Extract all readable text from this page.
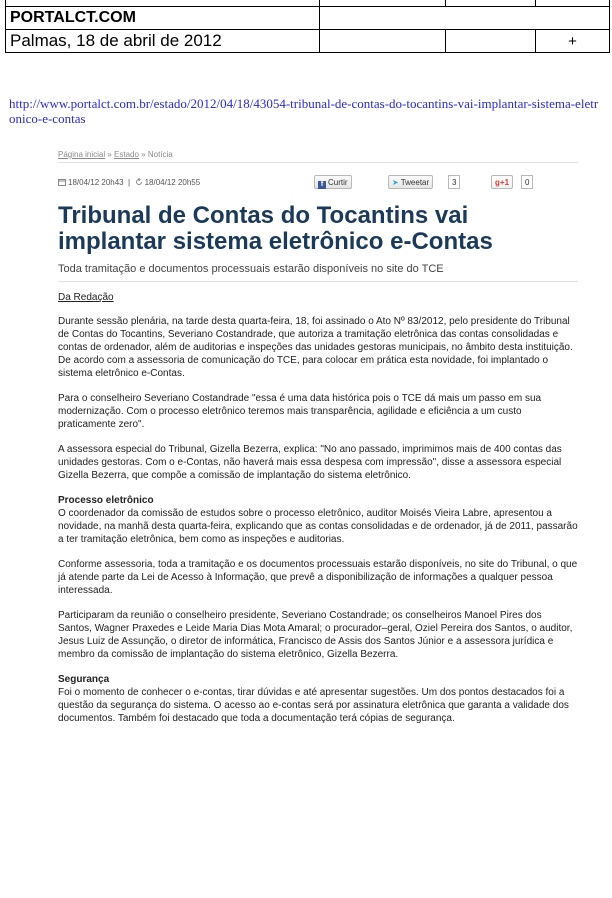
PORTALCT.COM			
Palmas, 18 de abril de 2012			+
http://www.portalct.com.br/estado/2012/04/18/43054-tribunal-de-contas-do-tocantins-vai-implantar-sistema-eletronico-e-contas
Página inicial » Estado » Notícia
18/04/12 20h43  |  18/04/12 20h55	f Curtir	➤ Tweetar	3	g+1	0
Tribunal de Contas do Tocantins vai implantar sistema eletrônico e-Contas
Toda tramitação e documentos processuais estarão disponíveis no site do TCE
Da Redação

Durante sessão plenária, na tarde desta quarta-feira, 18, foi assinado o Ato Nº 83/2012, pelo presidente do Tribunal de Contas do Tocantins, Severiano Costandrade, que autoriza a tramitação eletrônica das contas consolidadas e contas de ordenador, além de auditorias e inspeções das unidades gestoras municipais, no âmbito desta instituição. De acordo com a assessoria de comunicação do TCE, para colocar em prática esta novidade, foi implantado o sistema eletrônico e-Contas.

Para o conselheiro Severiano Costandrade "essa é uma data histórica pois o TCE dá mais um passo em sua modernização. Com o processo eletrônico teremos mais transparência, agilidade e eficiência a um custo praticamente zero".

A assessora especial do Tribunal, Gizella Bezerra, explica: "No ano passado, imprimimos mais de 400 contas das unidades gestoras. Com o e-Contas, não haverá mais essa despesa com impressão", disse a assessora especial Gizella Bezerra, que compõe a comissão de implantação do sistema eletrônico.

Processo eletrônico

O coordenador da comissão de estudos sobre o processo eletrônico, auditor Moisés Vieira Labre, apresentou a novidade, na manhã desta quarta-feira, explicando que as contas consolidadas e de ordenador, já de 2011, passarão a ter tramitação eletrônica, bem como as inspeções e auditorias.

Conforme assessoria, toda a tramitação e os documentos processuais estarão disponíveis, no site do Tribunal, o que já atende parte da Lei de Acesso à Informação, que prevê a disponibilização de informações a qualquer pessoa interessada.

Participaram da reunião o conselheiro presidente, Severiano Costandrade; os conselheiros Manoel Pires dos Santos, Wagner Praxedes e Leide Maria Dias Mota Amaral; o procurador–geral, Oziel Pereira dos Santos, o auditor, Jesus Luiz de Assunção, o diretor de informática, Francisco de Assis dos Santos Júnior e a assessora jurídica e membro da comissão de implantação do sistema eletrônico, Gizella Bezerra.

Segurança

Foi o momento de conhecer o e-contas, tirar dúvidas e até apresentar sugestões. Um dos pontos destacados foi a questão da segurança do sistema. O acesso ao e-contas será por assinatura eletrônica que garanta a validade dos documentos. Também foi destacado que toda a documentação terá cópias de segurança.
